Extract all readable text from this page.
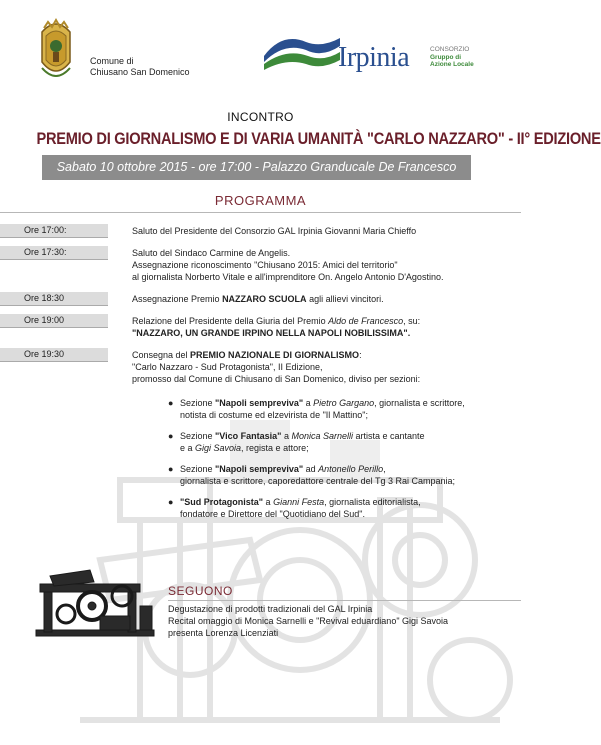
Comune di
Chiusano San Domenico	Irpinia	CONSORZIO
Gruppo di
Azione Locale
INCONTRO
PREMIO DI GIORNALISMO E DI VARIA UMANITÀ "CARLO NAZZARO" - II° EDIZIONE
Sabato 10 ottobre 2015 - ore 17:00 - Palazzo Granducale De Francesco
PROGRAMMA
Ore 17:00:	Saluto del Presidente del Consorzio GAL Irpinia Giovanni Maria Chieffo
Ore 17:30:	Saluto del Sindaco Carmine de Angelis.
Assegnazione riconoscimento "Chiusano 2015: Amici del territorio"
al giornalista Norberto Vitale e all'imprenditore On. Angelo Antonio D'Agostino.
Ore 18:30	Assegnazione Premio NAZZARO SCUOLA agli allievi vincitori.
Ore 19:00	Relazione del Presidente della Giuria del Premio Aldo de Francesco, su:
"NAZZARO, UN GRANDE IRPINO NELLA NAPOLI NOBILISSIMA".
Ore 19:30	Consegna del PREMIO NAZIONALE DI GIORNALISMO:
"Carlo Nazzaro - Sud Protagonista", II Edizione,
promosso dal Comune di Chiusano di San Domenico, diviso per sezioni:
● Sezione "Napoli sempreviva" a Pietro Gargano, giornalista e scrittore,
notista di costume ed elzevirista de "Il Mattino";
● Sezione "Vico Fantasia" a Monica Sarnelli artista e cantante
e a Gigi Savoia, regista e attore;
● Sezione "Napoli sempreviva" ad Antonello Perillo,
giornalista e scrittore, caporedattore centrale del Tg 3 Rai Campania;
● "Sud Protagonista" a Gianni Festa, giornalista editorialista,
fondatore e Direttore del "Quotidiano del Sud".
SEGUONO
Degustazione di prodotti tradizionali del GAL Irpinia
Recital omaggio di Monica Sarnelli e "Revival eduardiano" Gigi Savoia
presenta Lorenza Licenziati
